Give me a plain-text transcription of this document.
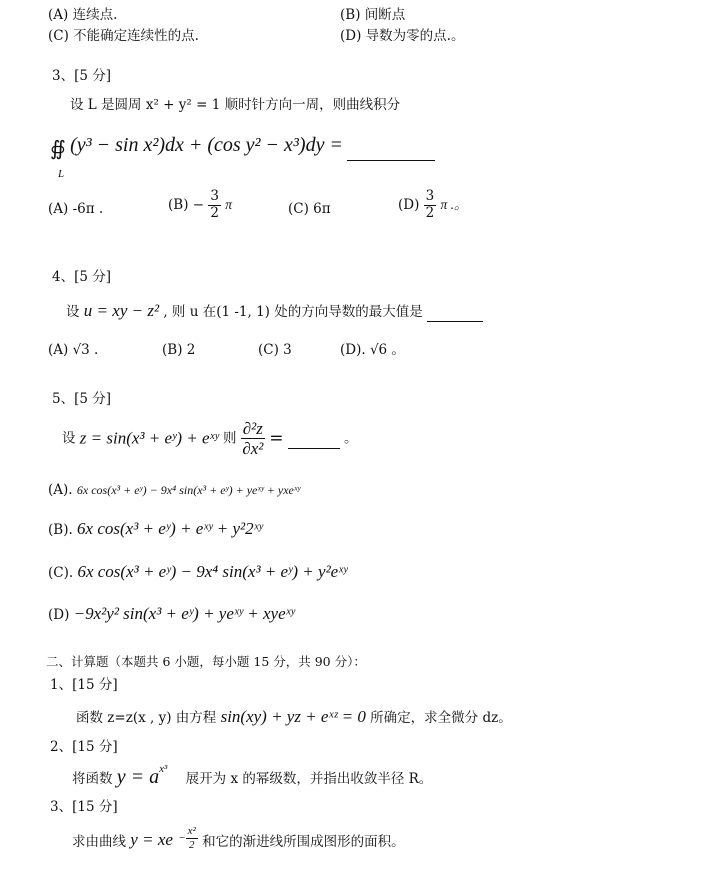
(A) 连续点.	(B) 间断点
(C) 不能确定连续性的点.	(D) 导数为零的点.。
3、[5 分]
设 L 是圆周 x² + y² = 1 顺时针方向一周，则曲线积分
∯ (y³ − sin x²)dx + (cos y² − x³)dy =
L
(A) -6π .	$(B) - \frac{3}{2}$ π	(C) 6π	$(D) \frac{3}{2}$ π .。
4、[5 分]
设 u = xy − z² , 则 u 在(1 -1, 1) 处的方向导数的最大值是
(A) √3 .	(B) 2	(C) 3	(D). √6 。
5、[5 分]
设 z = sin(x³ + eʸ) + eˣʸ 则 $\frac{\text{∂²z}}{\text{∂x²}}$ =	。
(A). 6x cos(x³ + eʸ) − 9x⁴ sin(x³ + eʸ) + yeˣʸ + yxeˣʸ
(B). 6x cos(x³ + eʸ) + eˣʸ + y²2ˣʸ
(C). 6x cos(x³ + eʸ) − 9x⁴ sin(x³ + eʸ) + y²eˣʸ
(D) −9x²y² sin(x³ + eʸ) + yeˣʸ + xyeˣʸ
二、计算题（本题共 6 小题，每小题 15 分，共 90 分）：
1、[15 分]
函数 z=z(x , y) 由方程 sin(xy) + yz + eˣᶻ = 0 所确定，求全微分 dz。
2、[15 分]
将函数 $y = a^{x^3}$ 展开为 x 的幂级数，并指出收敛半径 R。
3、[15 分]
求由曲线 y = xe − $\frac{\text{x²}}{2}$ 和它的渐进线所围成图形的面积。
